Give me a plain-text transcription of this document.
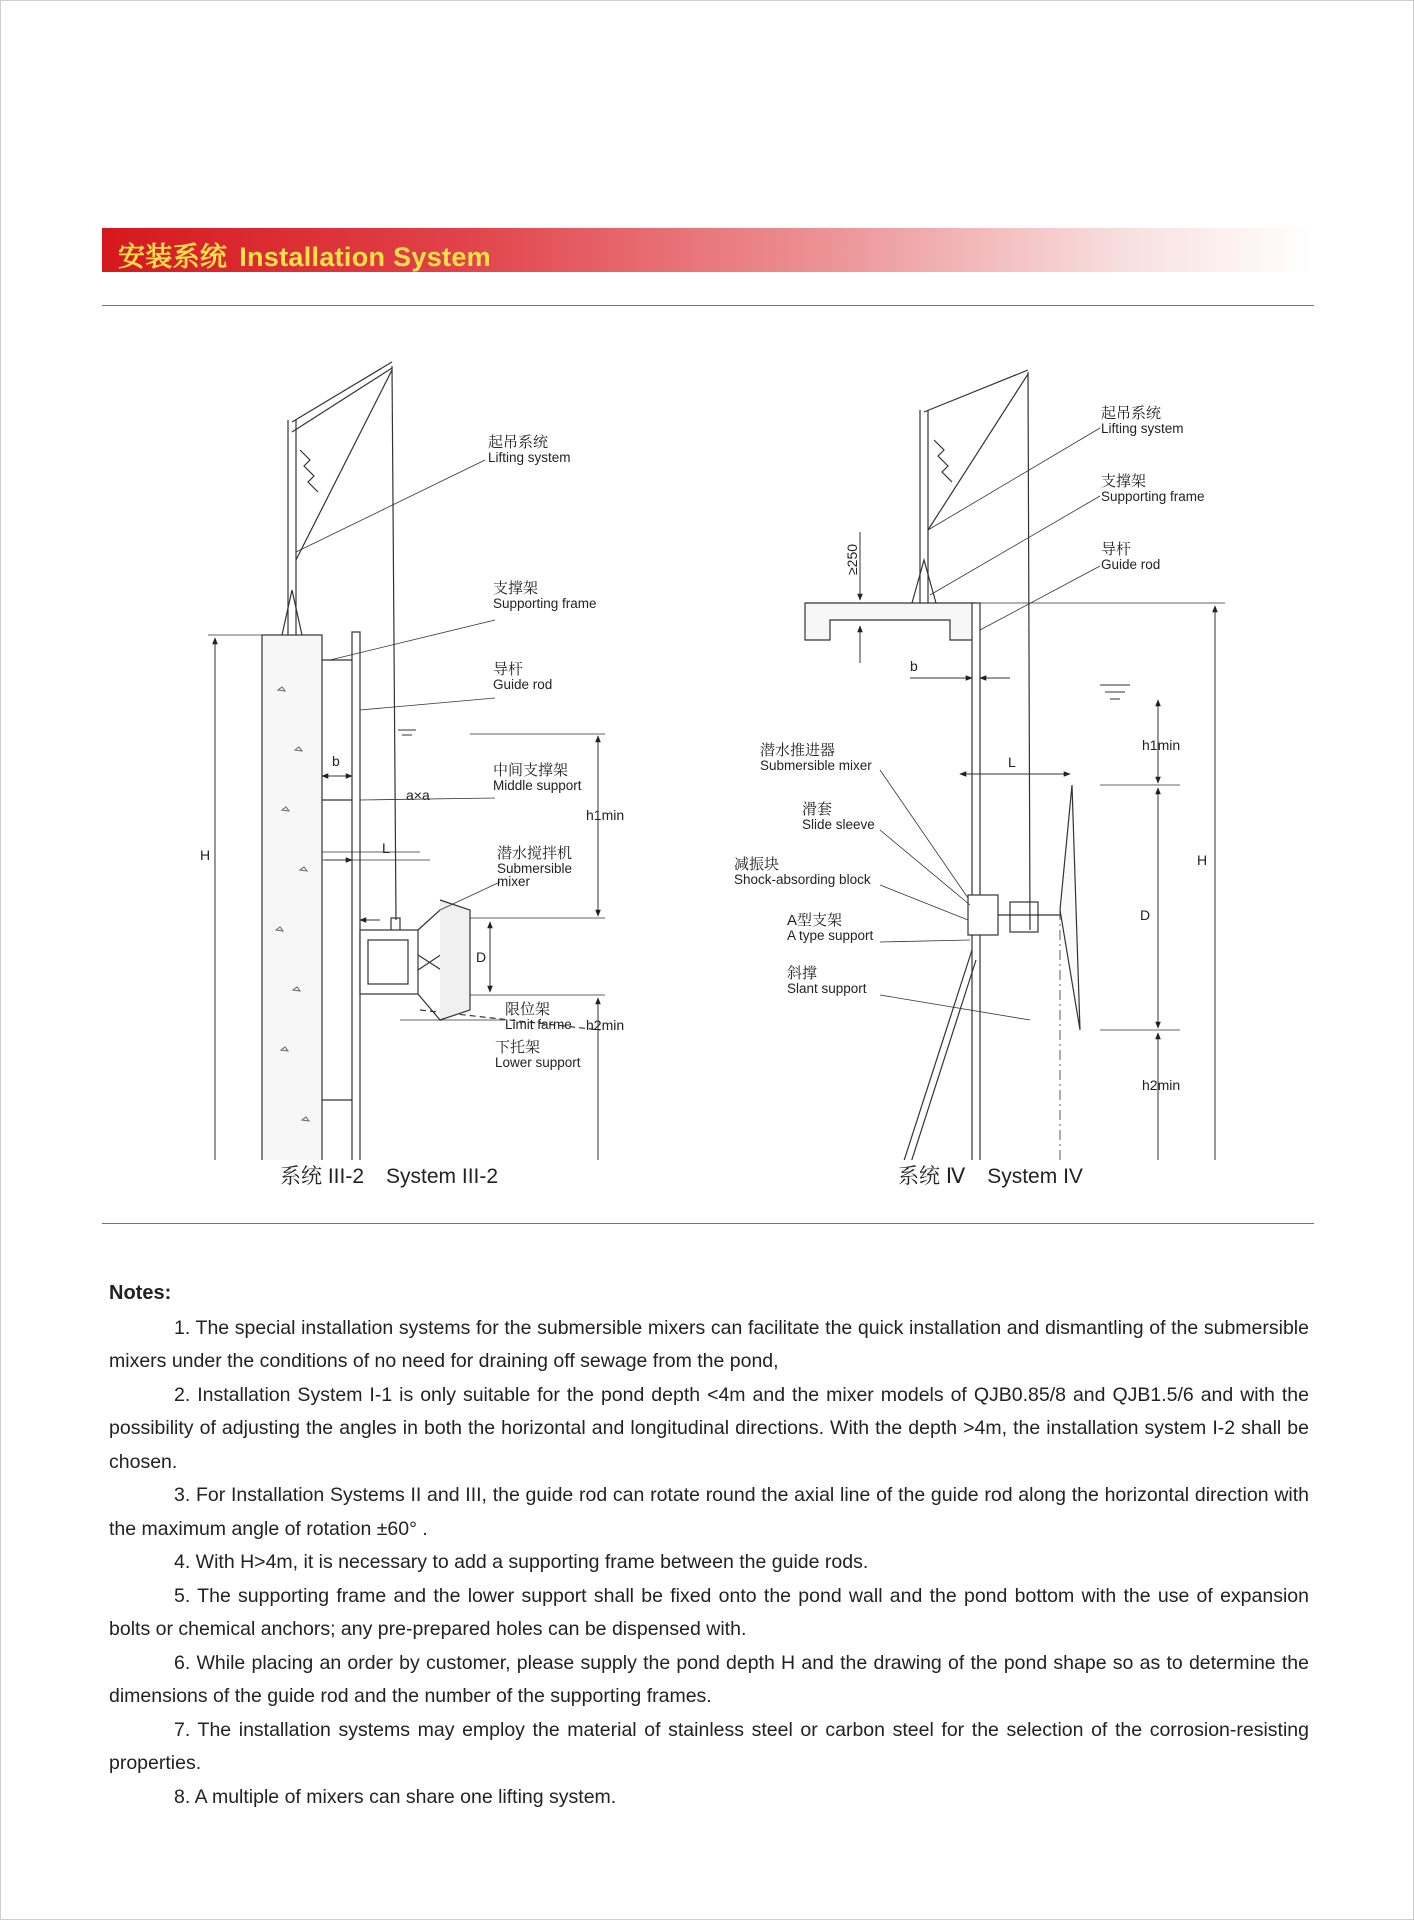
安装系统 Installation System
起吊系统
Lifting system
支撑架
Supporting frame
导杆
Guide rod
中间支撑架
Middle support
潜水搅拌机
Submersible
mixer
限位架
Limit farme
下托架
Lower support
H
b
a×a
L
D
h1min
h2min
起吊系统
Lifting system
支撑架
Supporting frame
导杆
Guide rod
潜水推进器
Submersible mixer
滑套
Slide sleeve
减振块
Shock-absording block
A型支架
A type support
斜撑
Slant support
≥250
b
L
H
D
h1min
h2min
系统 III-2 System III-2	系统 Ⅳ System IV
Notes:

1. The special installation systems for the submersible mixers can facilitate the quick installation and dismantling of the submersible mixers under the conditions of no need for draining off sewage from the pond,

2. Installation System I-1 is only suitable for the pond depth <4m and the mixer models of QJB0.85/8 and QJB1.5/6 and with the possibility of adjusting the angles in both the horizontal and longitudinal directions. With the depth >4m, the installation system I-2 shall be chosen.

3. For Installation Systems II and III, the guide rod can rotate round the axial line of the guide rod along the horizontal direction with the maximum angle of rotation ±60° .

4. With H>4m, it is necessary to add a supporting frame between the guide rods.

5. The supporting frame and the lower support shall be fixed onto the pond wall and the pond bottom with the use of expansion bolts or chemical anchors; any pre-prepared holes can be dispensed with.

6. While placing an order by customer, please supply the pond depth H and the drawing of the pond shape so as to determine the dimensions of the guide rod and the number of the supporting frames.

7. The installation systems may employ the material of stainless steel or carbon steel for the selection of the corrosion-resisting properties.

8. A multiple of mixers can share one lifting system.
